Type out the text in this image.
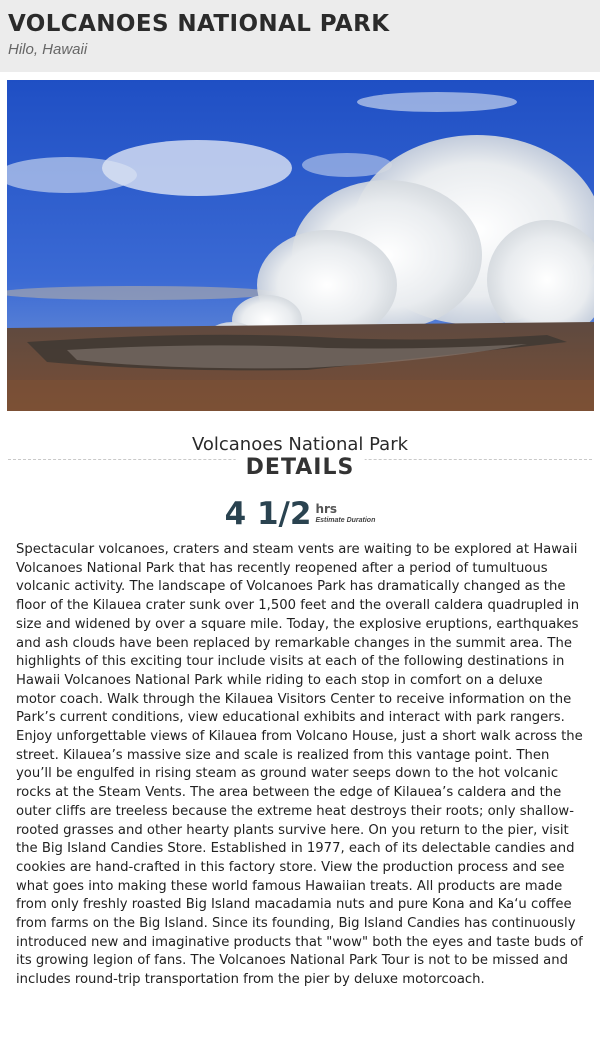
VOLCANOES NATIONAL PARK
Hilo, Hawaii
Volcanoes National Park
DETAILS
4 1/2 hrs
Estimate Duration
Spectacular volcanoes, craters and steam vents are waiting to be explored at Hawaii Volcanoes National Park that has recently reopened after a period of tumultuous volcanic activity. The landscape of Volcanoes Park has dramatically changed as the floor of the Kilauea crater sunk over 1,500 feet and the overall caldera quadrupled in size and widened by over a square mile. Today, the explosive eruptions, earthquakes and ash clouds have been replaced by remarkable changes in the summit area. The highlights of this exciting tour include visits at each of the following destinations in Hawaii Volcanoes National Park while riding to each stop in comfort on a deluxe motor coach. Walk through the Kilauea Visitors Center to receive information on the Park’s current conditions, view educational exhibits and interact with park rangers. Enjoy unforgettable views of Kilauea from Volcano House, just a short walk across the street. Kilauea’s massive size and scale is realized from this vantage point. Then you’ll be engulfed in rising steam as ground water seeps down to the hot volcanic rocks at the Steam Vents. The area between the edge of Kilauea’s caldera and the outer cliffs are treeless because the extreme heat destroys their roots; only shallow-rooted grasses and other hearty plants survive here. On you return to the pier, visit the Big Island Candies Store. Established in 1977, each of its delectable candies and cookies are hand-crafted in this factory store. View the production process and see what goes into making these world famous Hawaiian treats. All products are made from only freshly roasted Big Island macadamia nuts and pure Kona and Ka‘u coffee from farms on the Big Island. Since its founding, Big Island Candies has continuously introduced new and imaginative products that "wow" both the eyes and taste buds of its growing legion of fans. The Volcanoes National Park Tour is not to be missed and includes round-trip transportation from the pier by deluxe motorcoach.
